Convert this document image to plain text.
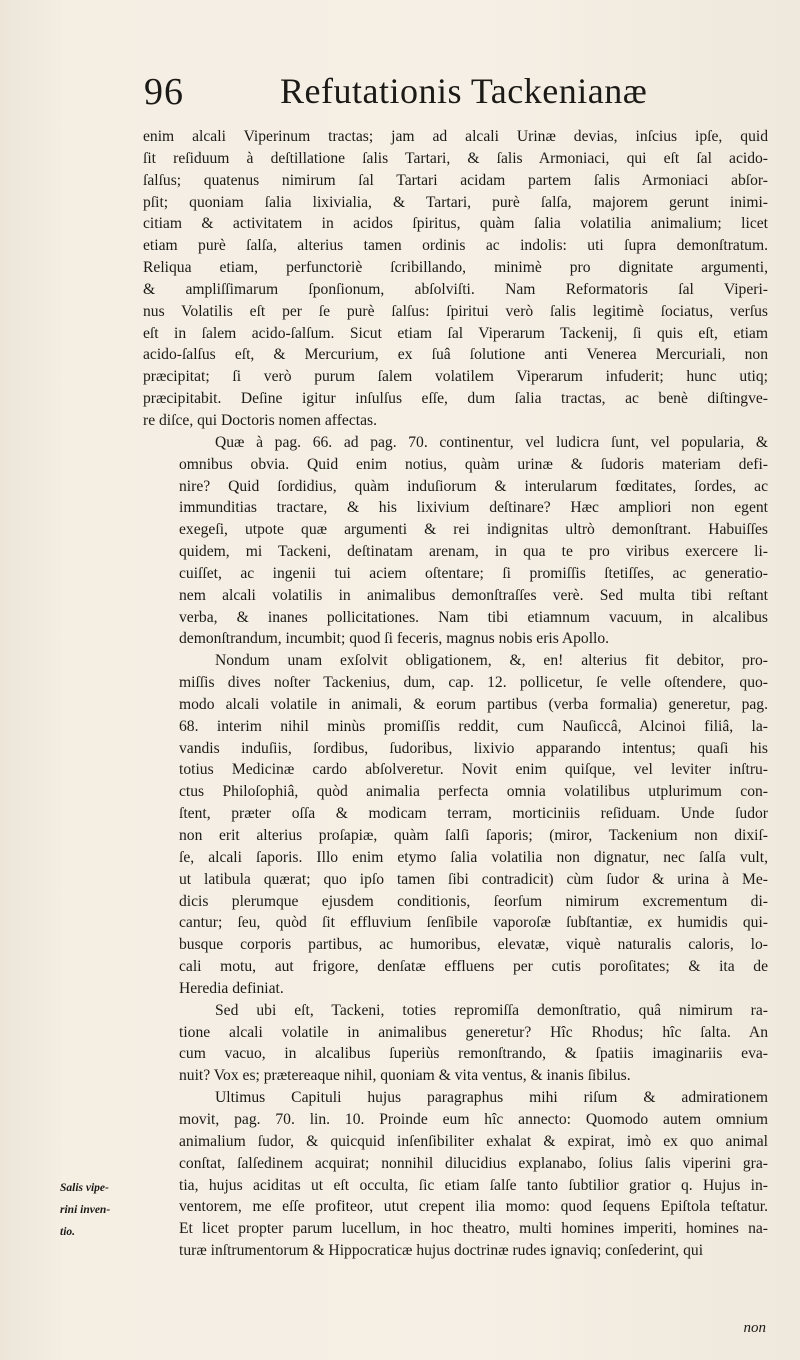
96	Refutationis Tackenianæ
enim alcali Viperinum tractas; jam ad alcali Urinæ devias, inſcius ipſe, quid
ſit reſiduum à deſtillatione ſalis Tartari, & ſalis Armoniaci, qui eſt ſal acido-
ſalſus; quatenus nimirum ſal Tartari acidam partem ſalis Armoniaci abſor-
pſit; quoniam ſalia lixivialia, & Tartari, purè ſalſa, majorem gerunt inimi-
citiam & activitatem in acidos ſpiritus, quàm ſalia volatilia animalium; licet
etiam purè ſalſa, alterius tamen ordinis ac indolis: uti ſupra demonſtratum.
Reliqua etiam, perfunctoriè ſcribillando, minimè pro dignitate argumenti,
& ampliſſimarum ſponſionum, abſolviſti. Nam Reformatoris ſal Viperi-
nus Volatilis eſt per ſe purè ſalſus: ſpiritui verò ſalis legitimè ſociatus, verſus
eſt in ſalem acido-ſalſum. Sicut etiam ſal Viperarum Tackenij, ſi quis eſt, etiam
acido-ſalſus eſt, & Mercurium, ex ſuâ ſolutione anti Venerea Mercuriali, non
præcipitat; ſi verò purum ſalem volatilem Viperarum infuderit; hunc utiq;
præcipitabit. Deſine igitur inſulſus eſſe, dum ſalia tractas, ac benè diſtingve-
re diſce, qui Doctoris nomen affectas.
Quæ à pag. 66. ad pag. 70. continentur, vel ludicra ſunt, vel popularia, &
omnibus obvia. Quid enim notius, quàm urinæ & ſudoris materiam defi-
nire? Quid ſordidius, quàm induſiorum & interularum fœditates, ſordes, ac
immunditias tractare, & his lixivium deſtinare? Hæc ampliori non egent
exegeſi, utpote quæ argumenti & rei indignitas ultrò demonſtrant. Habuiſſes
quidem, mi Tackeni, deſtinatam arenam, in qua te pro viribus exercere li-
cuiſſet, ac ingenii tui aciem oſtentare; ſi promiſſis ſtetiſſes, ac generatio-
nem alcali volatilis in animalibus demonſtraſſes verè. Sed multa tibi reſtant
verba, & inanes pollicitationes. Nam tibi etiamnum vacuum, in alcalibus
demonſtrandum, incumbit; quod ſi feceris, magnus nobis eris Apollo.
Nondum unam exſolvit obligationem, &, en! alterius fit debitor, pro-
miſſis dives noſter Tackenius, dum, cap. 12. pollicetur, ſe velle oſtendere, quo-
modo alcali volatile in animali, & eorum partibus (verba formalia) generetur, pag.
68. interim nihil minùs promiſſis reddit, cum Nauſiccâ, Alcinoi filiâ, la-
vandis induſiis, ſordibus, ſudoribus, lixivio apparando intentus; quaſi his
totius Medicinæ cardo abſolveretur. Novit enim quiſque, vel leviter inſtru-
ctus Philoſophiâ, quòd animalia perfecta omnia volatilibus utplurimum con-
ſtent, præter oſſa & modicam terram, morticiniis reſiduam. Unde ſudor
non erit alterius proſapiæ, quàm ſalſi ſaporis; (miror, Tackenium non dixiſ-
ſe, alcali ſaporis. Illo enim etymo ſalia volatilia non dignatur, nec ſalſa vult,
ut latibula quærat; quo ipſo tamen ſibi contradicit) cùm ſudor & urina à Me-
dicis plerumque ejusdem conditionis, ſeorſum nimirum excrementum di-
cantur; ſeu, quòd ſit effluvium ſenſibile vaporoſæ ſubſtantiæ, ex humidis qui-
busque corporis partibus, ac humoribus, elevatæ, viquè naturalis caloris, lo-
cali motu, aut frigore, denſatæ effluens per cutis poroſitates; & ita de
Heredia definiat.
Sed ubi eſt, Tackeni, toties repromiſſa demonſtratio, quâ nimirum ra-
tione alcali volatile in animalibus generetur? Hîc Rhodus; hîc ſalta. An
cum vacuo, in alcalibus ſuperiùs remonſtrando, & ſpatiis imaginariis eva-
nuit? Vox es; prætereaque nihil, quoniam & vita ventus, & inanis ſibilus.
Ultimus Capituli hujus paragraphus mihi riſum & admirationem
movit, pag. 70. lin. 10. Proinde eum hîc annecto: Quomodo autem omnium
animalium ſudor, & quicquid inſenſibiliter exhalat & expirat, imò ex quo animal
conſtat, ſalſedinem acquirat; nonnihil dilucidius explanabo, ſolius ſalis viperini gra-
tia, hujus aciditas ut eſt occulta, ſic etiam ſalſe tanto ſubtilior gratior q. Hujus in-
ventorem, me eſſe profiteor, utut crepent ilia momo: quod ſequens Epiſtola teſtatur.
Et licet propter parum lucellum, in hoc theatro, multi homines imperiti, homines na-
turæ inſtrumentorum & Hippocraticæ hujus doctrinæ rudes ignaviq; conſederint, qui
Salis vipe-
rini inven-
tio.
non
